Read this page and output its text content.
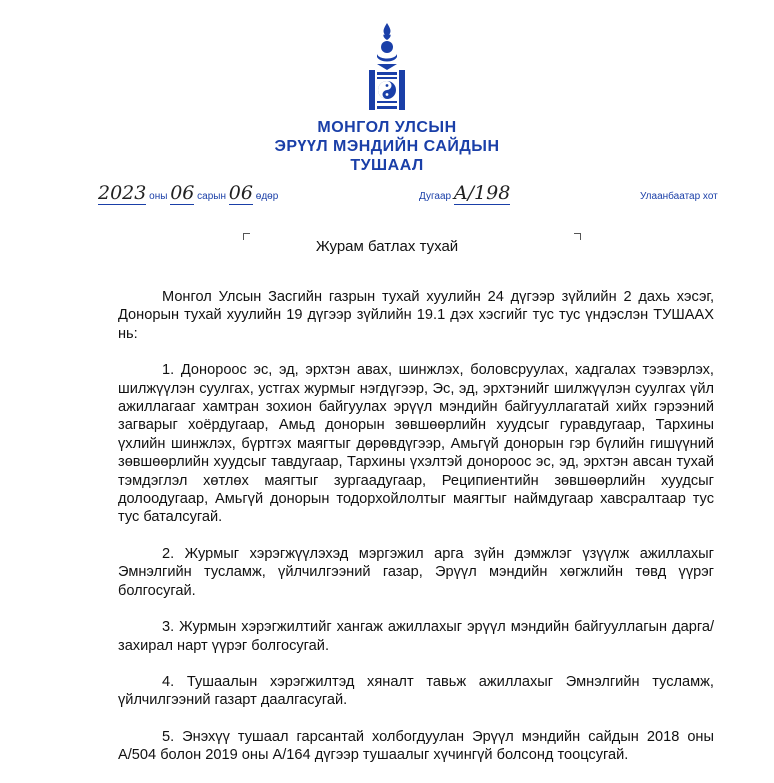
МОНГОЛ УЛСЫН
ЭРҮҮЛ МЭНДИЙН САЙДЫН
ТУШААЛ
2023 оны 06 сарын 06 өдөр	Дугаар A/198	Улаанбаатар хот
Журам батлах тухай

Монгол Улсын Засгийн газрын тухай хуулийн 24 дүгээр зүйлийн 2 дахь хэсэг, Донорын тухай хуулийн 19 дүгээр зүйлийн 19.1 дэх хэсгийг тус тус үндэслэн ТУШААХ нь:

1. Донороос эс, эд, эрхтэн авах, шинжлэх, боловсруулах, хадгалах тээвэрлэх, шилжүүлэн суулгах, устгах журмыг нэгдүгээр, Эс, эд, эрхтэнийг шилжүүлэн суулгах үйл ажиллагааг хамтран зохион байгуулах эрүүл мэндийн байгууллагатай хийх гэрээний загварыг хоёрдугаар, Амьд донорын зөвшөөрлийн хуудсыг гуравдугаар, Тархины үхлийн шинжлэх, бүртгэх маягтыг дөрөвдүгээр, Амьгүй донорын гэр бүлийн гишүүний зөвшөөрлийн хуудсыг тавдугаар, Тархины үхэлтэй донороос эс, эд, эрхтэн авсан тухай тэмдэглэл хөтлөх маягтыг зургаадугаар, Реципиентийн зөвшөөрлийн хуудсыг долоодугаар, Амьгүй донорын тодорхойлолтыг маягтыг наймдугаар хавсралтаар тус тус баталсугай.

2. Журмыг хэрэгжүүлэхэд мэргэжил арга зүйн дэмжлэг үзүүлж ажиллахыг Эмнэлгийн тусламж, үйлчилгээний газар, Эрүүл мэндийн хөгжлийн төвд үүрэг болгосугай.

3. Журмын хэрэгжилтийг хангаж ажиллахыг эрүүл мэндийн байгууллагын дарга/захирал нарт үүрэг болгосугай.

4. Тушаалын хэрэгжилтэд хяналт тавьж ажиллахыг Эмнэлгийн тусламж, үйлчилгээний газарт даалгасугай.

5. Энэхүү тушаал гарсантай холбогдуулан Эрүүл мэндийн сайдын 2018 оны А/504 болон 2019 оны А/164 дүгээр тушаалыг хүчингүй болсонд тооцсугай.
